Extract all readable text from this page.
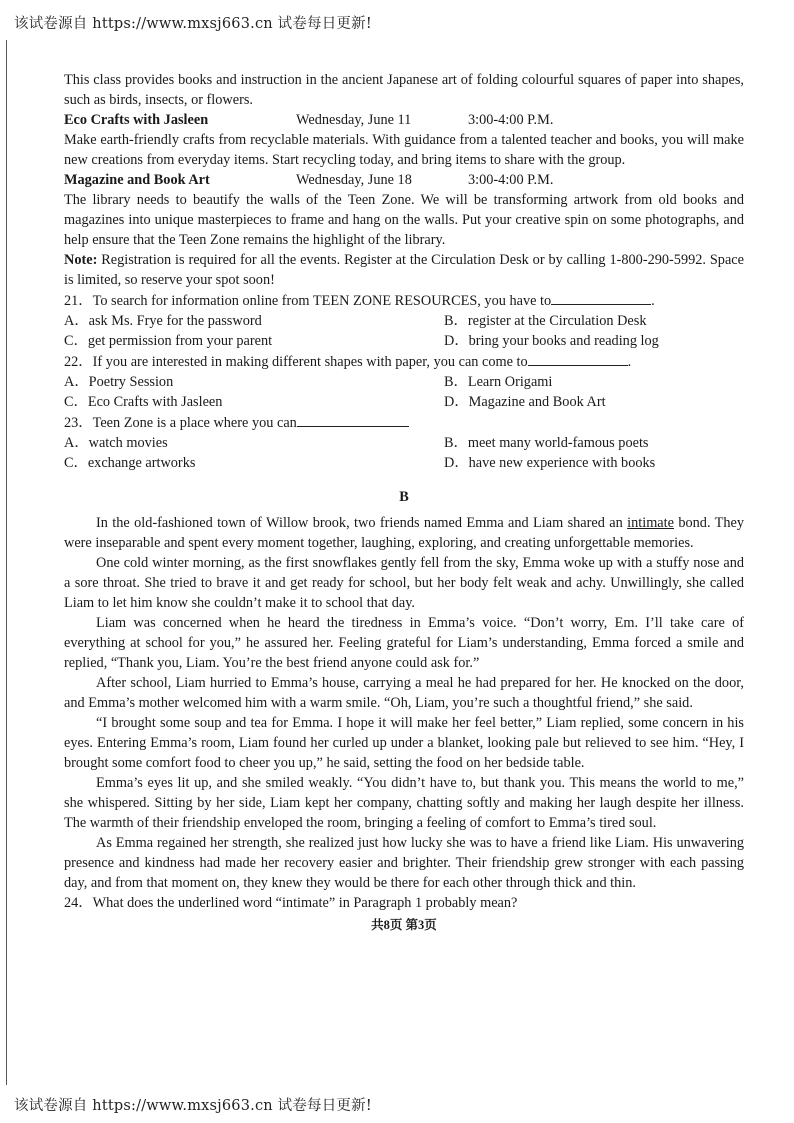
该试卷源自 https://www.mxsj663.cn 试卷每日更新!

This class provides books and instruction in the ancient Japanese art of folding colourful squares of paper into shapes, such as birds, insects, or flowers.

Eco Crafts with Jasleen	Wednesday, June 11	3:00-4:00 P.M.

Make earth-friendly crafts from recyclable materials. With guidance from a talented teacher and books, you will make new creations from everyday items. Start recycling today, and bring items to share with the group.

Magazine and Book Art	Wednesday, June 18	3:00-4:00 P.M.

The library needs to beautify the walls of the Teen Zone. We will be transforming artwork from old books and magazines into unique masterpieces to frame and hang on the walls. Put your creative spin on some photographs, and help ensure that the Teen Zone remains the highlight of the library.

Note: Registration is required for all the events. Register at the Circulation Desk or by calling 1-800-290-5992. Space is limited, so reserve your spot soon!

21．To search for information online from TEEN ZONE RESOURCES, you have to	.
A．ask Ms. Frye for the password	B．register at the Circulation Desk
C．get permission from your parent	D．bring your books and reading log
22．If you are interested in making different shapes with paper, you can come to	.
A．Poetry Session	B．Learn Origami
C．Eco Crafts with Jasleen	D．Magazine and Book Art
23．Teen Zone is a place where you can
A．watch movies	B．meet many world-famous poets
C．exchange artworks	D．have new experience with books
B

In the old-fashioned town of Willow brook, two friends named Emma and Liam shared an intimate bond. They were inseparable and spent every moment together, laughing, exploring, and creating unforgettable memories.

One cold winter morning, as the first snowflakes gently fell from the sky, Emma woke up with a stuffy nose and a sore throat. She tried to brave it and get ready for school, but her body felt weak and achy. Unwillingly, she called Liam to let him know she couldn’t make it to school that day.

Liam was concerned when he heard the tiredness in Emma’s voice. “Don’t worry, Em. I’ll take care of everything at school for you,” he assured her. Feeling grateful for Liam’s understanding, Emma forced a smile and replied, “Thank you, Liam. You’re the best friend anyone could ask for.”

After school, Liam hurried to Emma’s house, carrying a meal he had prepared for her. He knocked on the door, and Emma’s mother welcomed him with a warm smile. “Oh, Liam, you’re such a thoughtful friend,” she said.

“I brought some soup and tea for Emma. I hope it will make her feel better,” Liam replied, some concern in his eyes. Entering Emma’s room, Liam found her curled up under a blanket, looking pale but relieved to see him. “Hey, I brought some comfort food to cheer you up,” he said, setting the food on her bedside table.

Emma’s eyes lit up, and she smiled weakly. “You didn’t have to, but thank you. This means the world to me,” she whispered. Sitting by her side, Liam kept her company, chatting softly and making her laugh despite her illness. The warmth of their friendship enveloped the room, bringing a feeling of comfort to Emma’s tired soul.

As Emma regained her strength, she realized just how lucky she was to have a friend like Liam. His unwavering presence and kindness had made her recovery easier and brighter. Their friendship grew stronger with each passing day, and from that moment on, they knew they would be there for each other through thick and thin.

24．What does the underlined word “intimate” in Paragraph 1 probably mean?
共8页 第3页
该试卷源自 https://www.mxsj663.cn 试卷每日更新!
